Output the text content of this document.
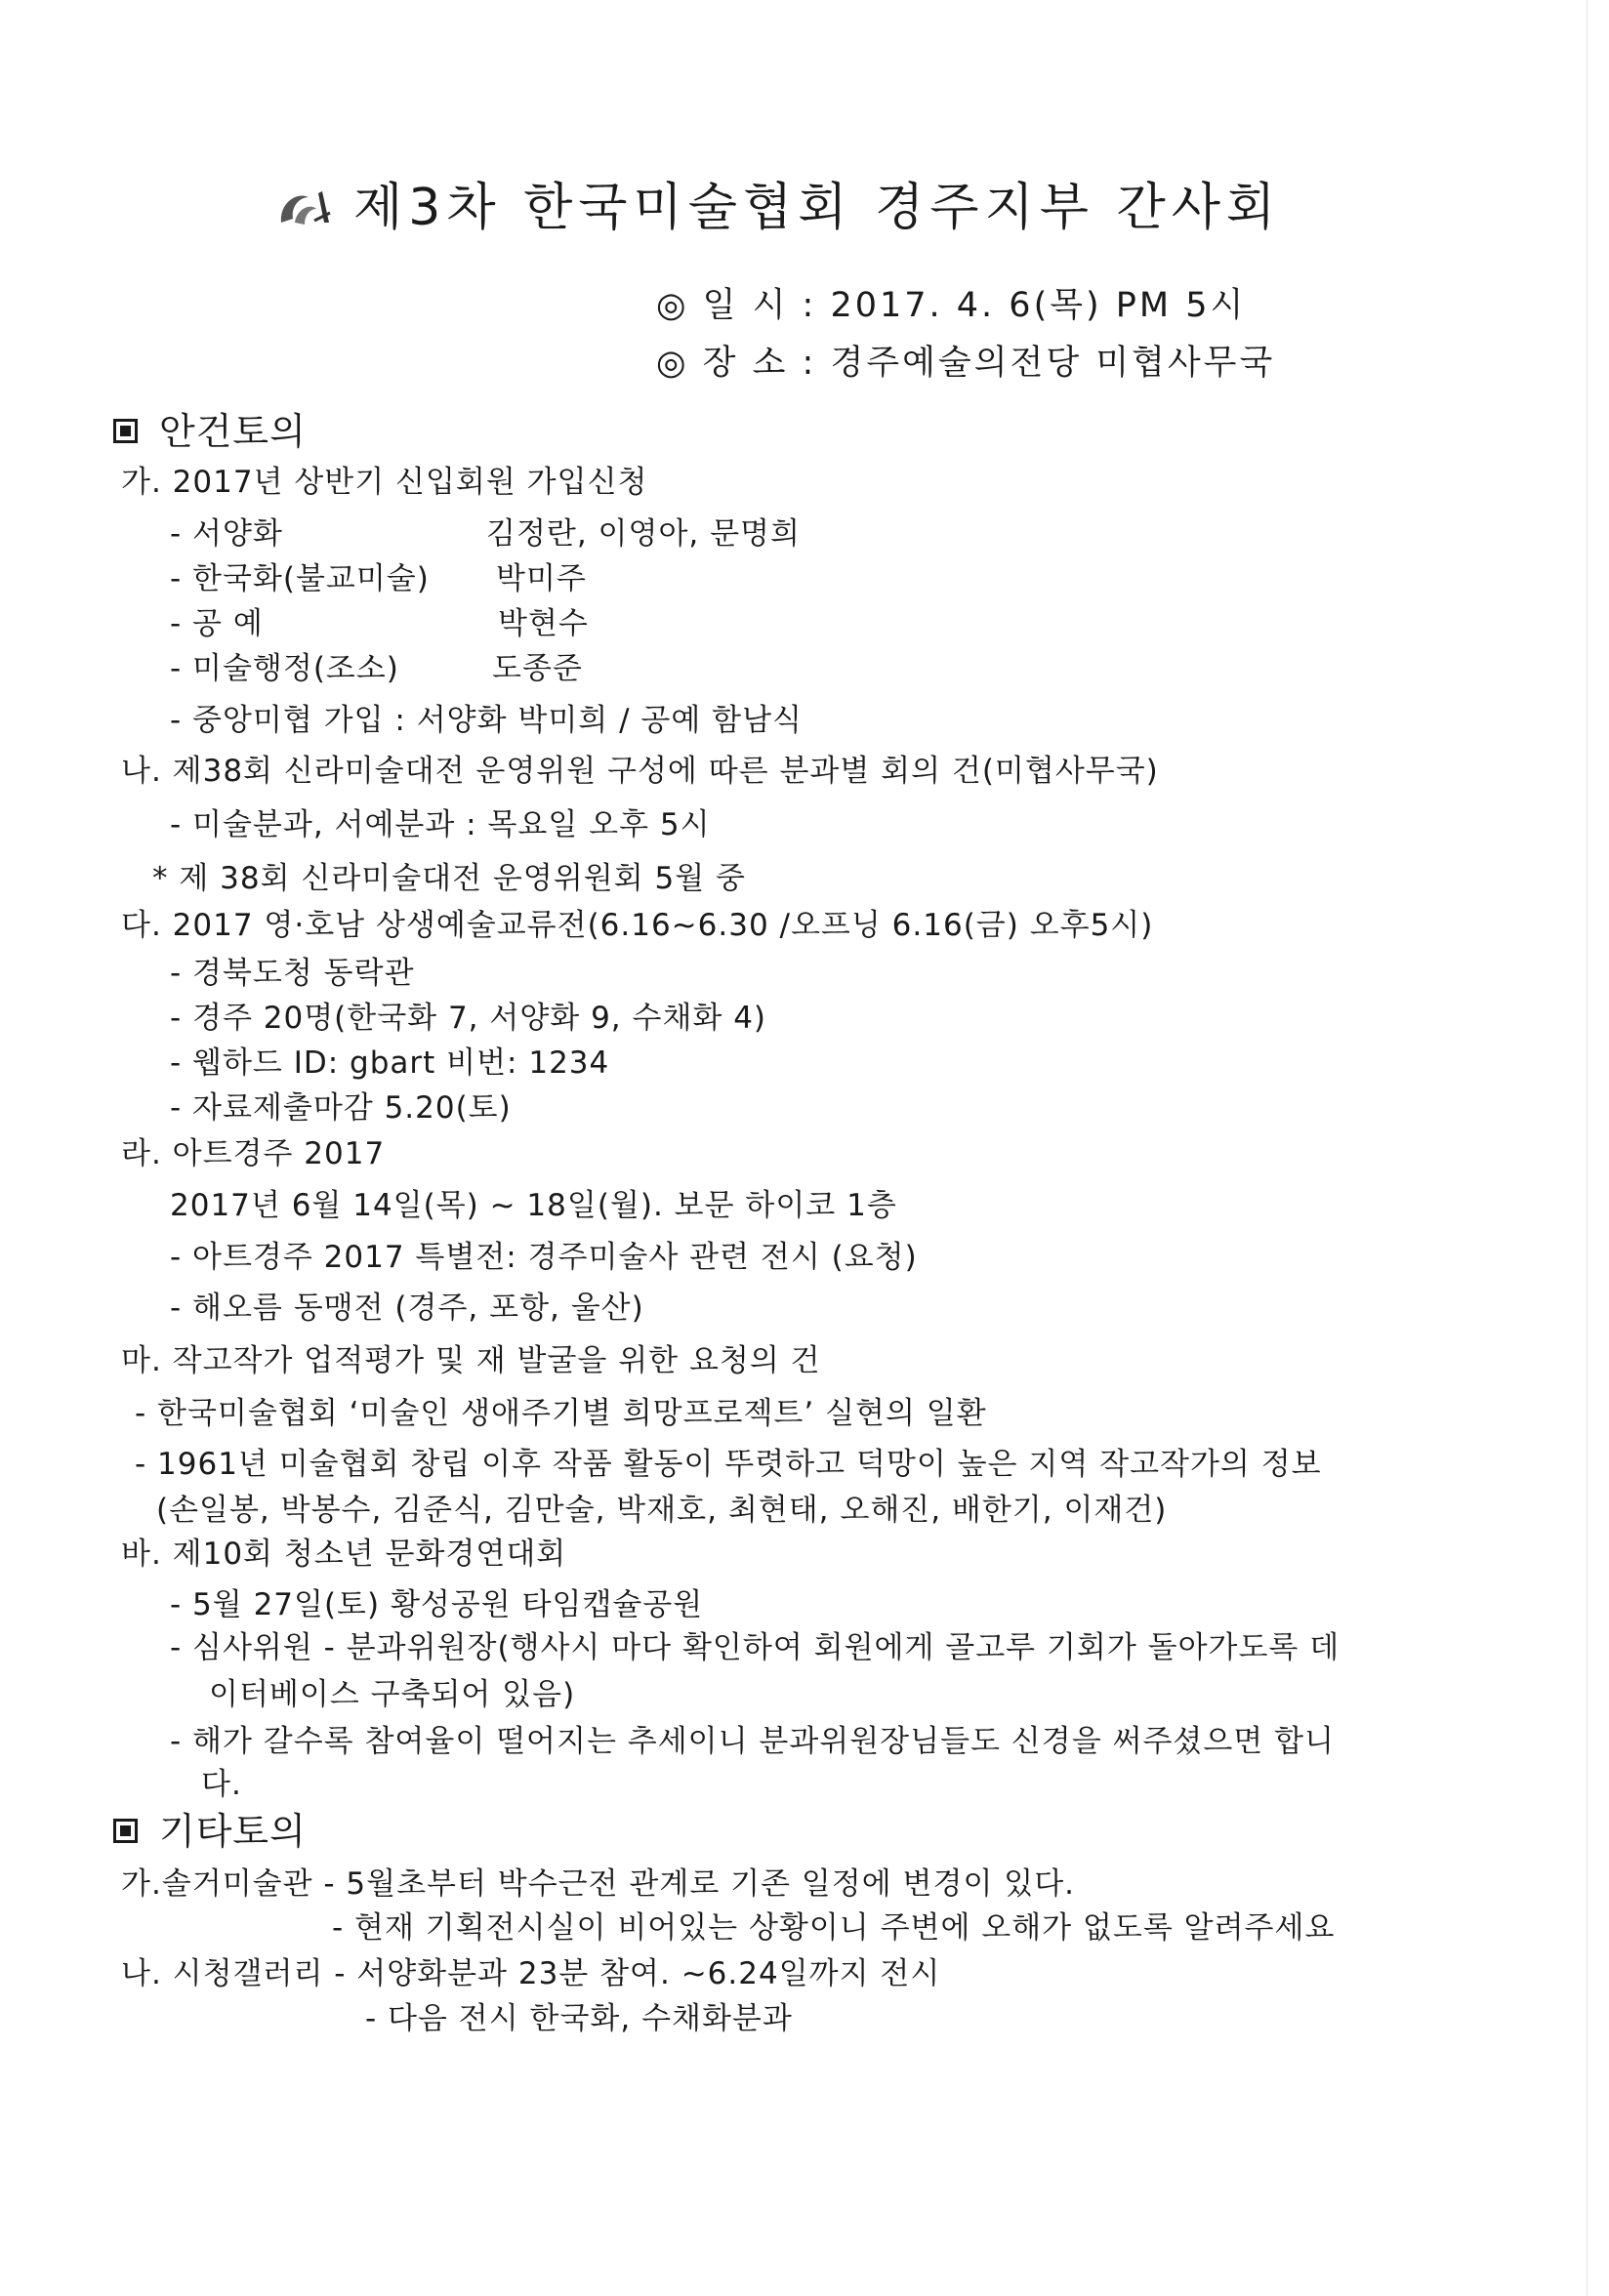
제3차 한국미술협회 경주지부 간사회
◎ 일 시 : 2017. 4. 6(목) PM 5시
◎ 장 소 : 경주예술의전당 미협사무국
안건토의
가. 2017년 상반기 신입회원 가입신청
- 서양화	김정란, 이영아, 문명희
- 한국화(불교미술) 박미주
- 공 예	박현수
- 미술행정(조소)	도종준
- 중앙미협 가입 : 서양화 박미희 / 공예 함남식
나. 제38회 신라미술대전 운영위원 구성에 따른 분과별 회의 건(미협사무국)
- 미술분과, 서예분과 : 목요일 오후 5시
* 제 38회 신라미술대전 운영위원회 5월 중
다. 2017 영·호남 상생예술교류전(6.16~6.30 /오프닝 6.16(금) 오후5시)
- 경북도청 동락관
- 경주 20명(한국화 7, 서양화 9, 수채화 4)
- 웹하드 ID: gbart 비번: 1234
- 자료제출마감 5.20(토)
라. 아트경주 2017
2017년 6월 14일(목) ~ 18일(월). 보문 하이코 1층
- 아트경주 2017 특별전: 경주미술사 관련 전시 (요청)
- 해오름 동맹전 (경주, 포항, 울산)
마. 작고작가 업적평가 및 재 발굴을 위한 요청의 건
- 한국미술협회 ‘미술인 생애주기별 희망프로젝트’ 실현의 일환
- 1961년 미술협회 창립 이후 작품 활동이 뚜렷하고 덕망이 높은 지역 작고작가의 정보
(손일봉, 박봉수, 김준식, 김만술, 박재호, 최현태, 오해진, 배한기, 이재건)
바. 제10회 청소년 문화경연대회
- 5월 27일(토) 황성공원 타임캡슐공원
- 심사위원 - 분과위원장(행사시 마다 확인하여 회원에게 골고루 기회가 돌아가도록 데
이터베이스 구축되어 있음)
- 해가 갈수록 참여율이 떨어지는 추세이니 분과위원장님들도 신경을 써주셨으면 합니
다.
기타토의
가.솔거미술관 - 5월초부터 박수근전 관계로 기존 일정에 변경이 있다.
- 현재 기획전시실이 비어있는 상황이니 주변에 오해가 없도록 알려주세요
나. 시청갤러리 - 서양화분과 23분 참여. ~6.24일까지 전시
- 다음 전시 한국화, 수채화분과
